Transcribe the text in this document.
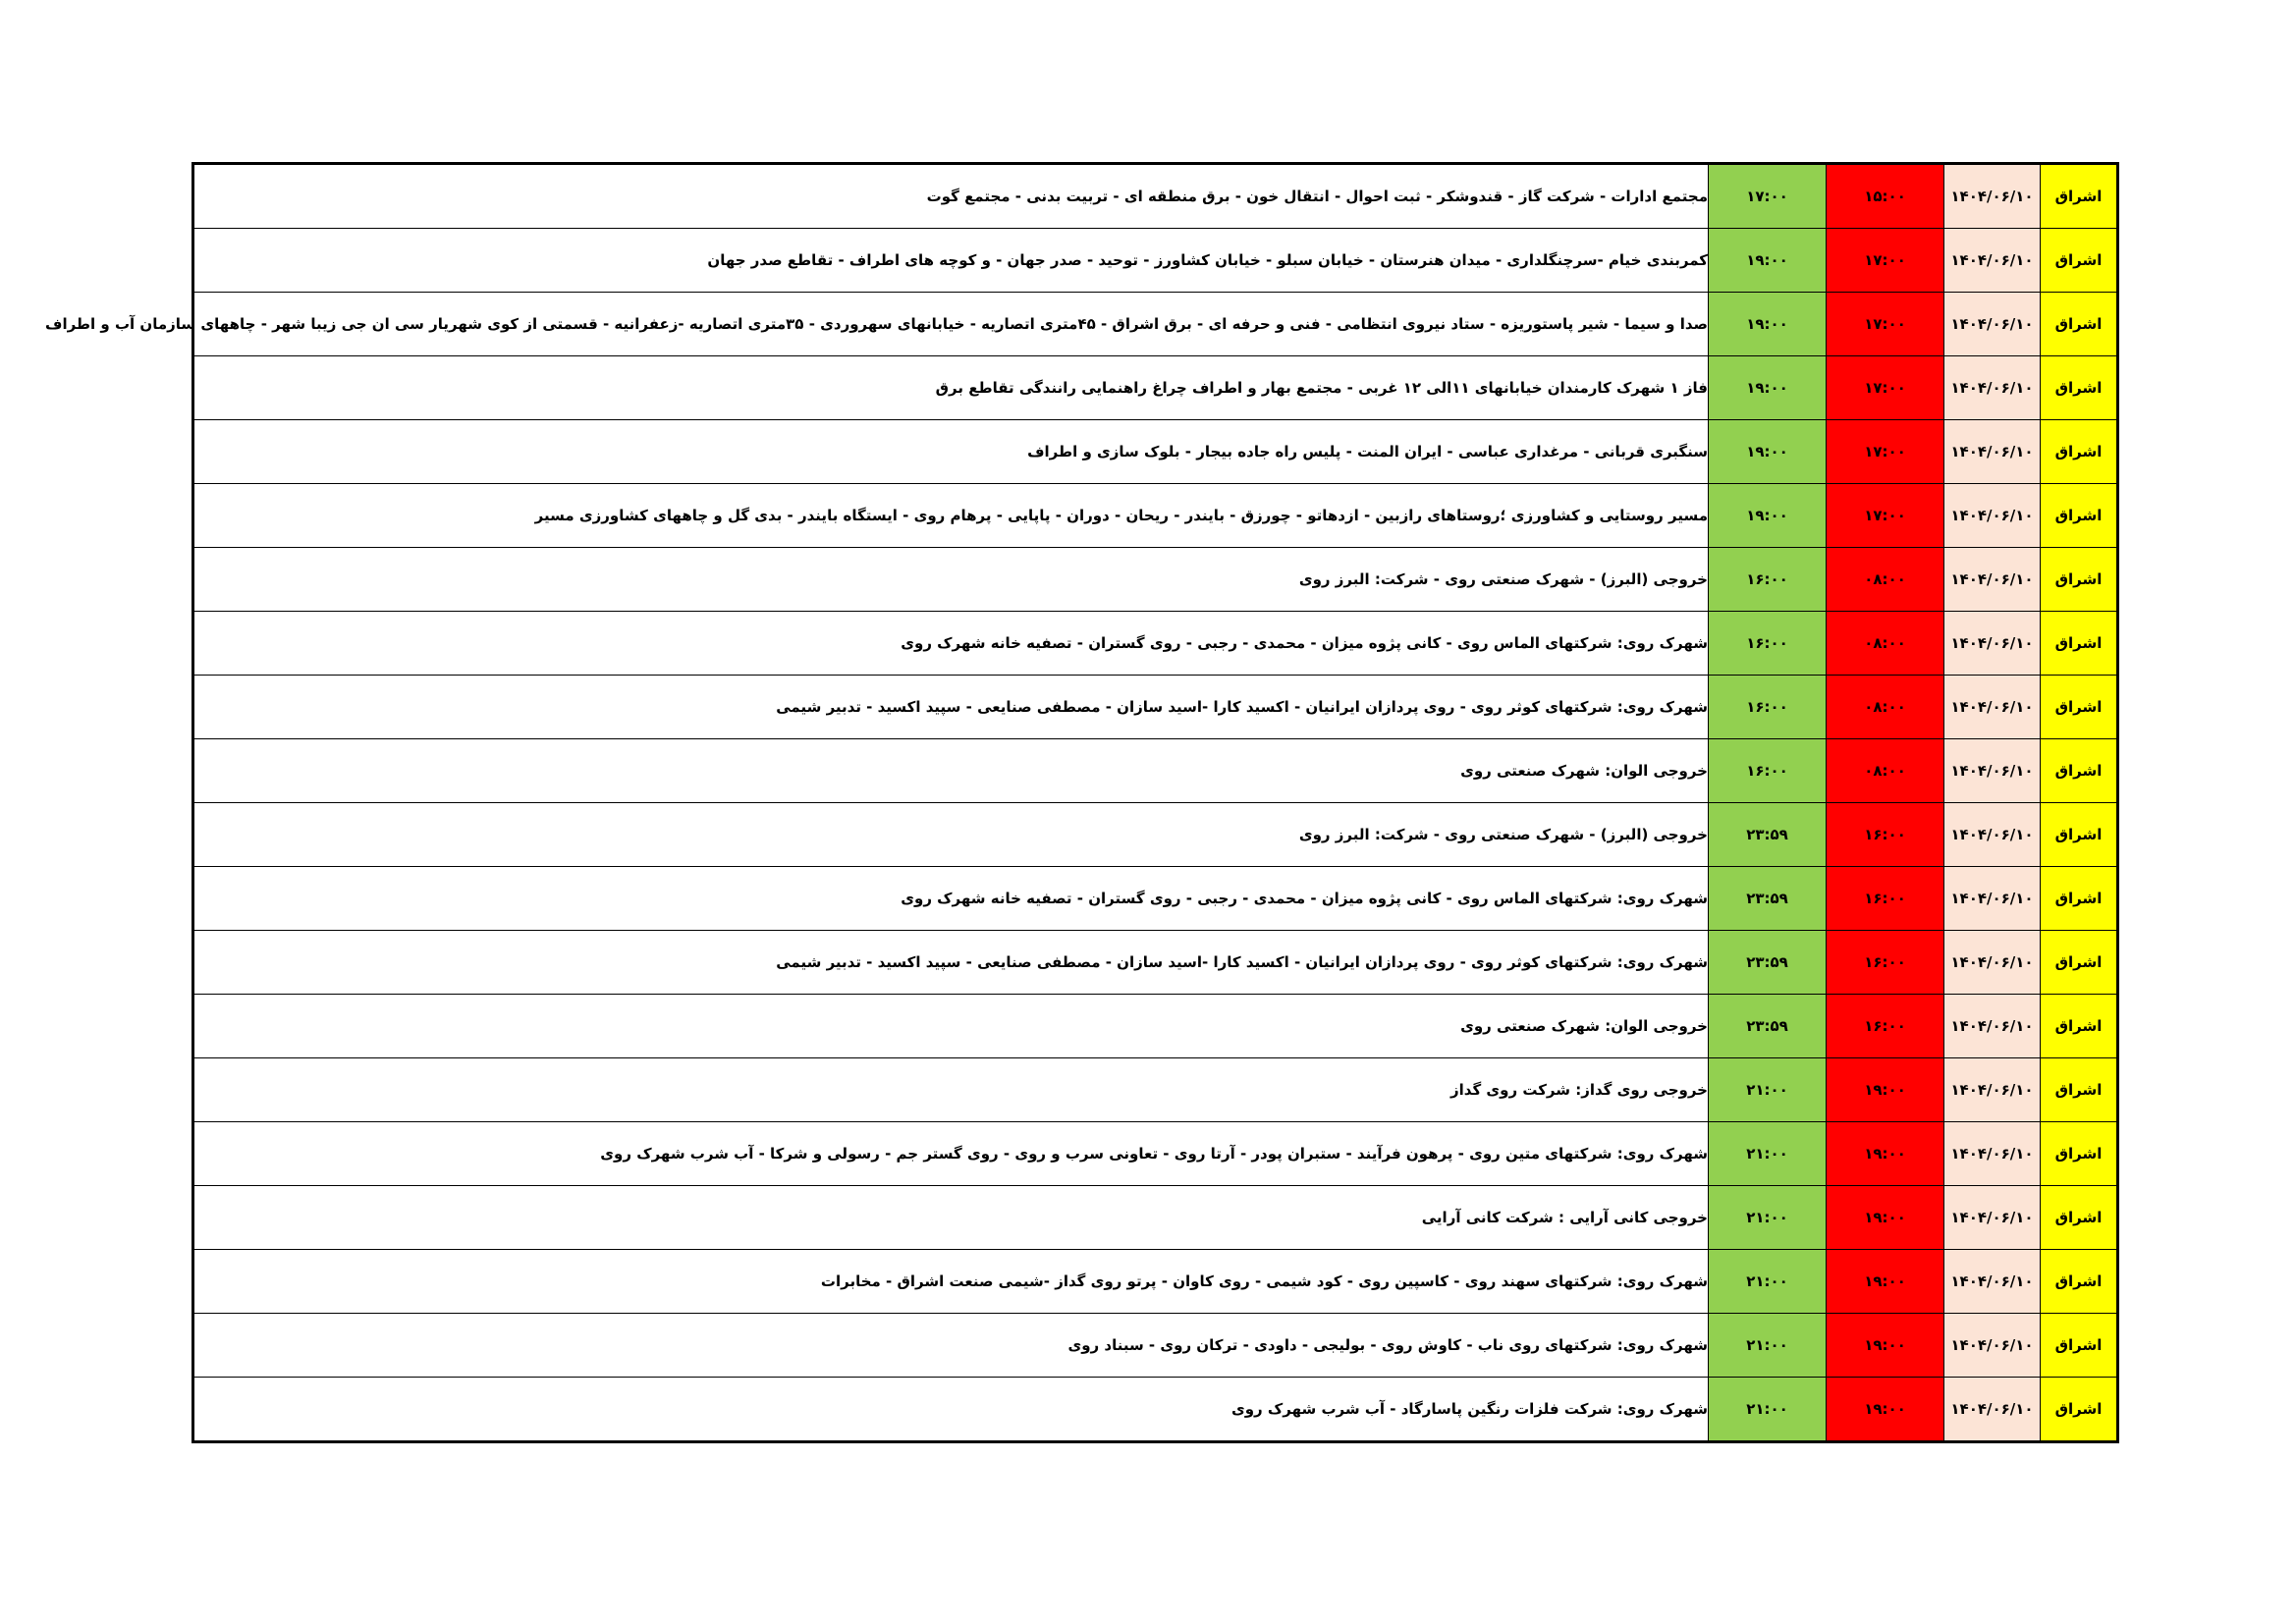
اشراق	۱۴۰۴/۰۶/۱۰	۱۵:۰۰	۱۷:۰۰	مجتمع ادارات - شرکت گاز - قندوشکر - ثبت احوال - انتقال خون - برق منطقه ای - تربیت بدنی - مجتمع گوت
اشراق	۱۴۰۴/۰۶/۱۰	۱۷:۰۰	۱۹:۰۰	کمربندی خیام -سرچنگلداری - میدان هنرستان - خیابان سبلو - خیابان کشاورز - توحید - صدر جهان - و کوچه های اطراف - تقاطع صدر جهان
اشراق	۱۴۰۴/۰۶/۱۰	۱۷:۰۰	۱۹:۰۰	صدا و سیما - شیر پاستوریزه - ستاد نیروی انتظامی - فنی و حرفه ای - برق اشراق - ۴۵متری اتصاریه - خیابانهای سهروردی - ۳۵متری اتصاریه -زعفرانیه - قسمتی از کوی شهریار سی ان جی زیبا شهر - چاههای سازمان آب و اطراف
اشراق	۱۴۰۴/۰۶/۱۰	۱۷:۰۰	۱۹:۰۰	فاز ۱ شهرک کارمندان خیابانهای ۱۱الی ۱۲ غربی - مجتمع بهار و اطراف چراغ راهنمایی رانندگی تقاطع برق
اشراق	۱۴۰۴/۰۶/۱۰	۱۷:۰۰	۱۹:۰۰	سنگبری قربانی - مرغداری عباسی - ایران المنت - پلیس راه جاده بیجار - بلوک سازی و اطراف
اشراق	۱۴۰۴/۰۶/۱۰	۱۷:۰۰	۱۹:۰۰	مسیر روستایی و کشاورزی ؛روستاهای رازبین - ازدهاتو - چورزق - بایندر - ریحان - دوران - پاپایی - پرهام روی - ایستگاه بایندر - بدی گل و چاههای کشاورزی مسیر
اشراق	۱۴۰۴/۰۶/۱۰	۰۸:۰۰	۱۶:۰۰	خروجی (البرز) - شهرک صنعتی روی - شرکت: البرز روی
اشراق	۱۴۰۴/۰۶/۱۰	۰۸:۰۰	۱۶:۰۰	شهرک روی: شرکتهای الماس روی - کانی پژوه میزان - محمدی - رجبی - روی گستران - تصفیه خانه شهرک روی
اشراق	۱۴۰۴/۰۶/۱۰	۰۸:۰۰	۱۶:۰۰	شهرک روی: شرکتهای کوثر روی - روی پردازان ایرانیان - اکسید کارا -اسید سازان - مصطفی صنایعی - سپید اکسید - تدبیر شیمی
اشراق	۱۴۰۴/۰۶/۱۰	۰۸:۰۰	۱۶:۰۰	خروجی الوان: شهرک صنعتی روی
اشراق	۱۴۰۴/۰۶/۱۰	۱۶:۰۰	۲۳:۵۹	خروجی (البرز) - شهرک صنعتی روی - شرکت: البرز روی
اشراق	۱۴۰۴/۰۶/۱۰	۱۶:۰۰	۲۳:۵۹	شهرک روی: شرکتهای الماس روی - کانی پژوه میزان - محمدی - رجبی - روی گستران - تصفیه خانه شهرک روی
اشراق	۱۴۰۴/۰۶/۱۰	۱۶:۰۰	۲۳:۵۹	شهرک روی: شرکتهای کوثر روی - روی پردازان ایرانیان - اکسید کارا -اسید سازان - مصطفی صنایعی - سپید اکسید - تدبیر شیمی
اشراق	۱۴۰۴/۰۶/۱۰	۱۶:۰۰	۲۳:۵۹	خروجی الوان: شهرک صنعتی روی
اشراق	۱۴۰۴/۰۶/۱۰	۱۹:۰۰	۲۱:۰۰	خروجی روی گداز: شرکت روی گداز
اشراق	۱۴۰۴/۰۶/۱۰	۱۹:۰۰	۲۱:۰۰	شهرک روی: شرکتهای متین روی - پرهون فرآیند - ستبران پودر - آرتا روی - تعاونی سرب و روی - روی گستر جم - رسولی و شرکا - آب شرب شهرک روی
اشراق	۱۴۰۴/۰۶/۱۰	۱۹:۰۰	۲۱:۰۰	خروجی کانی آرایی : شرکت کانی آرایی
اشراق	۱۴۰۴/۰۶/۱۰	۱۹:۰۰	۲۱:۰۰	شهرک روی: شرکتهای سهند روی - کاسپین روی - کود شیمی - روی کاوان - پرتو روی گداز -شیمی صنعت اشراق - مخابرات
اشراق	۱۴۰۴/۰۶/۱۰	۱۹:۰۰	۲۱:۰۰	شهرک روی: شرکتهای روی ناب - کاوش روی - بولیجی - داودی - ترکان روی - سبناد روی
اشراق	۱۴۰۴/۰۶/۱۰	۱۹:۰۰	۲۱:۰۰	شهرک روی: شرکت فلزات رنگین پاسارگاد - آب شرب شهرک روی
